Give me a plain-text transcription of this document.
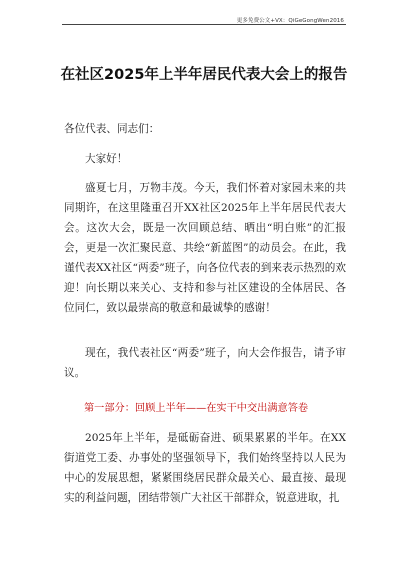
更多免费公文+VX：QiGeGongWen2016
在社区2025年上半年居民代表大会上的报告
各位代表、同志们：
大家好！
盛夏七月，万物丰茂。今天，我们怀着对家园未来的共同期许，在这里隆重召开XX社区2025年上半年居民代表大会。这次大会，既是一次回顾总结、晒出“明白账”的汇报会，更是一次汇聚民意、共绘“新蓝图”的动员会。在此，我谨代表XX社区“两委”班子，向各位代表的到来表示热烈的欢迎！向长期以来关心、支持和参与社区建设的全体居民、各位同仁，致以最崇高的敬意和最诚挚的感谢！
现在，我代表社区“两委”班子，向大会作报告，请予审议。
第一部分：回顾上半年——在实干中交出满意答卷
2025年上半年，是砥砺奋进、硕果累累的半年。在XX街道党工委、办事处的坚强领导下，我们始终坚持以人民为中心的发展思想，紧紧围绕居民群众最关心、最直接、最现实的利益问题，团结带领广大社区干部群众，锐意进取，扎
